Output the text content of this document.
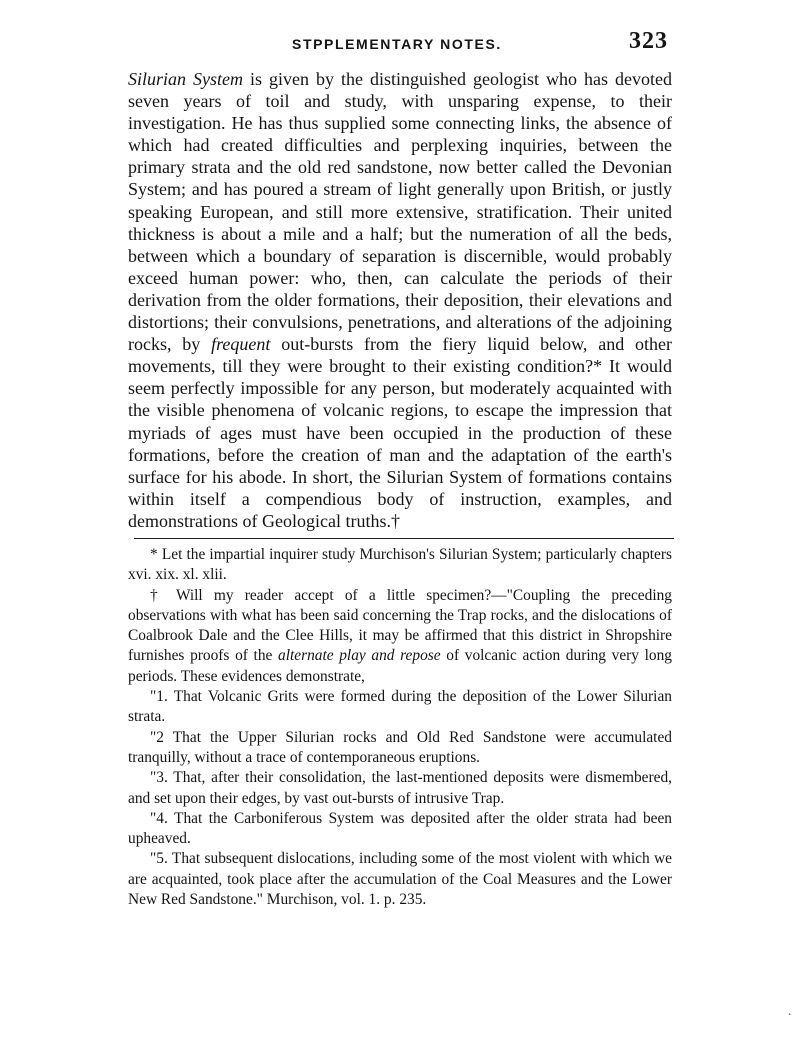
STPPLEMENTARY NOTES.	323

Silurian System is given by the distinguished geologist who has devoted seven years of toil and study, with unsparing expense, to their investigation. He has thus supplied some connecting links, the absence of which had created difficulties and perplexing inquiries, between the primary strata and the old red sandstone, now better called the Devonian System; and has poured a stream of light generally upon British, or justly speaking European, and still more extensive, stratification. Their united thickness is about a mile and a half; but the numeration of all the beds, between which a boundary of separation is discernible, would probably exceed human power: who, then, can calculate the periods of their derivation from the older formations, their deposition, their elevations and distortions; their convulsions, penetrations, and alterations of the adjoining rocks, by frequent out-bursts from the fiery liquid below, and other movements, till they were brought to their existing condition?* It would seem perfectly impossible for any person, but moderately acquainted with the visible phenomena of volcanic regions, to escape the impression that myriads of ages must have been occupied in the production of these formations, before the creation of man and the adaptation of the earth's surface for his abode. In short, the Silurian System of formations contains within itself a compendious body of instruction, examples, and demonstrations of Geological truths.†

* Let the impartial inquirer study Murchison's Silurian System; particularly chapters xvi. xix. xl. xlii.

† Will my reader accept of a little specimen?—"Coupling the preceding observations with what has been said concerning the Trap rocks, and the dislocations of Coalbrook Dale and the Clee Hills, it may be affirmed that this district in Shropshire furnishes proofs of the alternate play and repose of volcanic action during very long periods. These evidences demonstrate,

"1. That Volcanic Grits were formed during the deposition of the Lower Silurian strata.

"2 That the Upper Silurian rocks and Old Red Sandstone were accumulated tranquilly, without a trace of contemporaneous eruptions.

"3. That, after their consolidation, the last-mentioned deposits were dismembered, and set upon their edges, by vast out-bursts of intrusive Trap.

"4. That the Carboniferous System was deposited after the older strata had been upheaved.

"5. That subsequent dislocations, including some of the most violent with which we are acquainted, took place after the accumulation of the Coal Measures and the Lower New Red Sandstone." Murchison, vol. 1. p. 235.

·
